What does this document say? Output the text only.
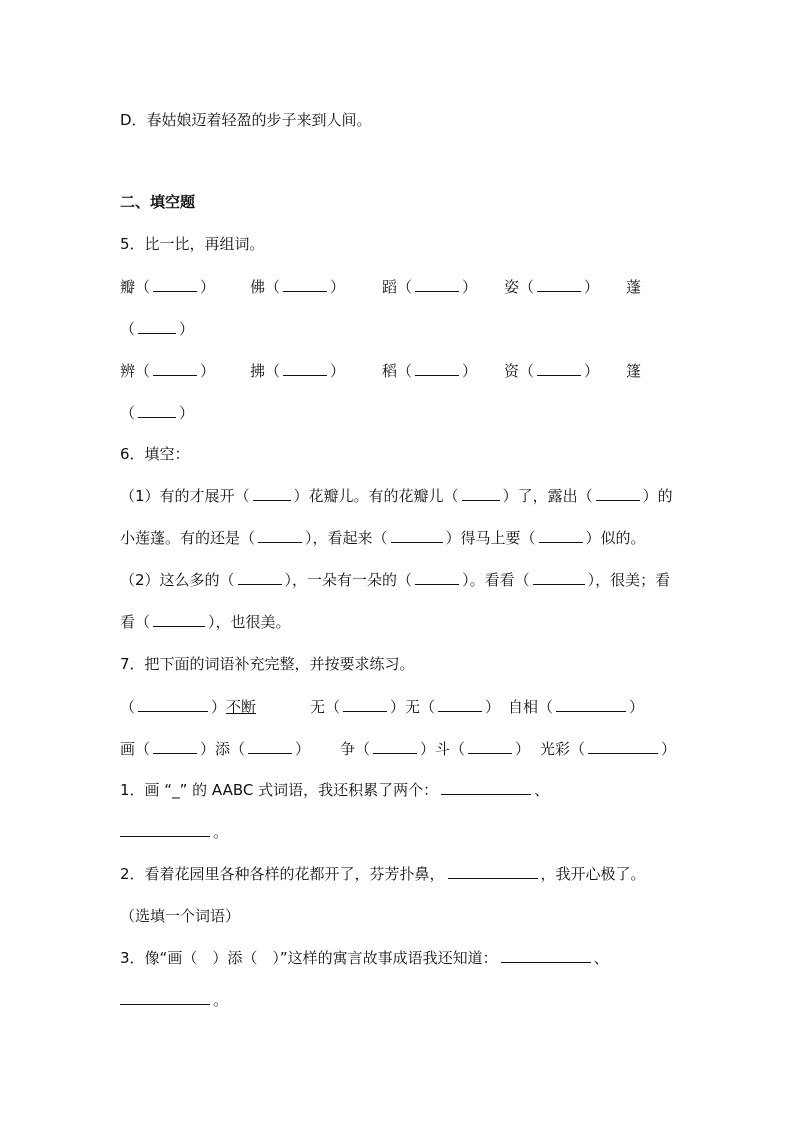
D．春姑娘迈着轻盈的步子来到人间。
二、填空题
5．比一比，再组词。
瓣（	） 佛（	） 蹈（	） 姿（	） 蓬
（	）
辨（	） 拂（	） 稻（	） 资（	） 篷
（	）
6．填空：
（1）有的才展开（	）花瓣儿。有的花瓣儿（	）了，露出（	）的
小莲蓬。有的还是（	），看起来（	）得马上要（	）似的。
（2）这么多的（	），一朵有一朵的（	）。看看（	），很美；看
看（	），也很美。
7．把下面的词语补充完整，并按要求练习。
（	）不断	无（	）无（	） 自相（	）
画（	）添（	） 争（	）斗（	） 光彩（	）
1．画 “_” 的 AABC 式词语，我还积累了两个：	、
。
2．看着花园里各种各样的花都开了，芬芳扑鼻，	，我开心极了。
（选填一个词语）
3．像“画（　）添（　）”这样的寓言故事成语我还知道：	、
。
